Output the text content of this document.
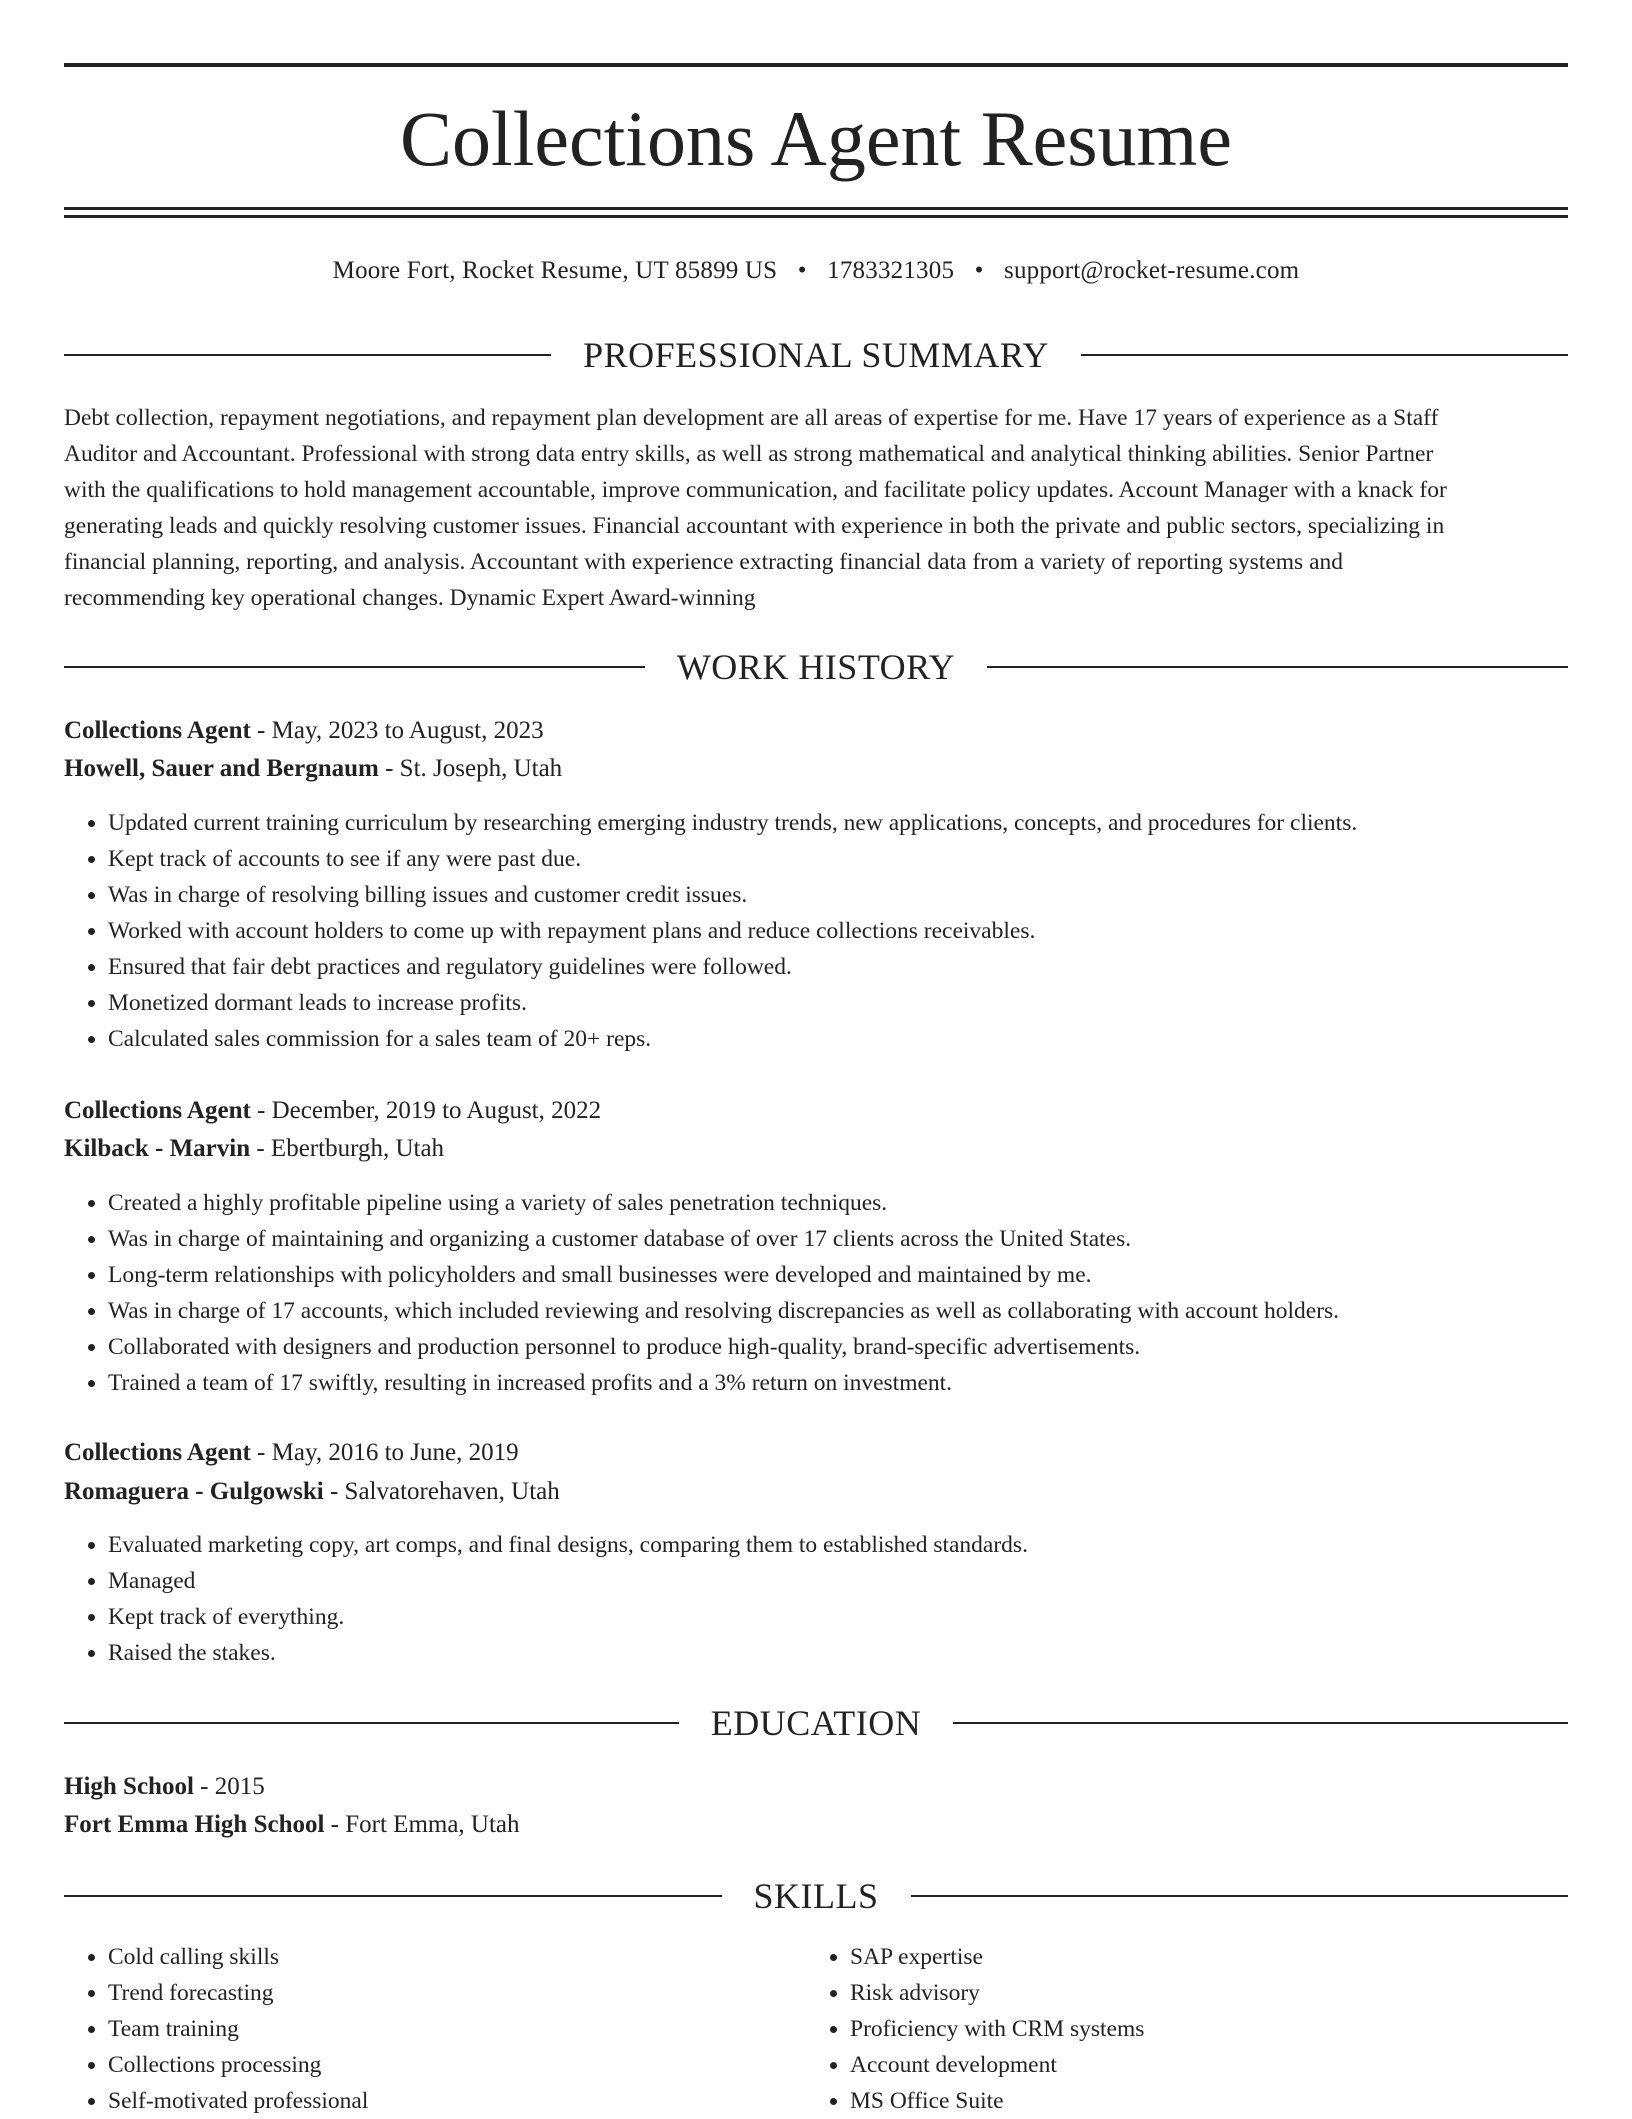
Collections Agent Resume
Moore Fort, Rocket Resume, UT 85899 US • 1783321305 • support@rocket-resume.com
PROFESSIONAL SUMMARY
Debt collection, repayment negotiations, and repayment plan development are all areas of expertise for me. Have 17 years of experience as a Staff
Auditor and Accountant. Professional with strong data entry skills, as well as strong mathematical and analytical thinking abilities. Senior Partner
with the qualifications to hold management accountable, improve communication, and facilitate policy updates. Account Manager with a knack for
generating leads and quickly resolving customer issues. Financial accountant with experience in both the private and public sectors, specializing in
financial planning, reporting, and analysis. Accountant with experience extracting financial data from a variety of reporting systems and
recommending key operational changes. Dynamic Expert Award-winning
WORK HISTORY
Collections Agent - May, 2023 to August, 2023
Howell, Sauer and Bergnaum - St. Joseph, Utah
• Updated current training curriculum by researching emerging industry trends, new applications, concepts, and procedures for clients.
• Kept track of accounts to see if any were past due.
• Was in charge of resolving billing issues and customer credit issues.
• Worked with account holders to come up with repayment plans and reduce collections receivables.
• Ensured that fair debt practices and regulatory guidelines were followed.
• Monetized dormant leads to increase profits.
• Calculated sales commission for a sales team of 20+ reps.
Collections Agent - December, 2019 to August, 2022
Kilback - Marvin - Ebertburgh, Utah
• Created a highly profitable pipeline using a variety of sales penetration techniques.
• Was in charge of maintaining and organizing a customer database of over 17 clients across the United States.
• Long-term relationships with policyholders and small businesses were developed and maintained by me.
• Was in charge of 17 accounts, which included reviewing and resolving discrepancies as well as collaborating with account holders.
• Collaborated with designers and production personnel to produce high-quality, brand-specific advertisements.
• Trained a team of 17 swiftly, resulting in increased profits and a 3% return on investment.
Collections Agent - May, 2016 to June, 2019
Romaguera - Gulgowski - Salvatorehaven, Utah
• Evaluated marketing copy, art comps, and final designs, comparing them to established standards.
• Managed
• Kept track of everything.
• Raised the stakes.
EDUCATION
High School - 2015
Fort Emma High School - Fort Emma, Utah
SKILLS
• Cold calling skills
• Trend forecasting
• Team training
• Collections processing
• Self-motivated professional
• SAP expertise
• Risk advisory
• Proficiency with CRM systems
• Account development
• MS Office Suite
